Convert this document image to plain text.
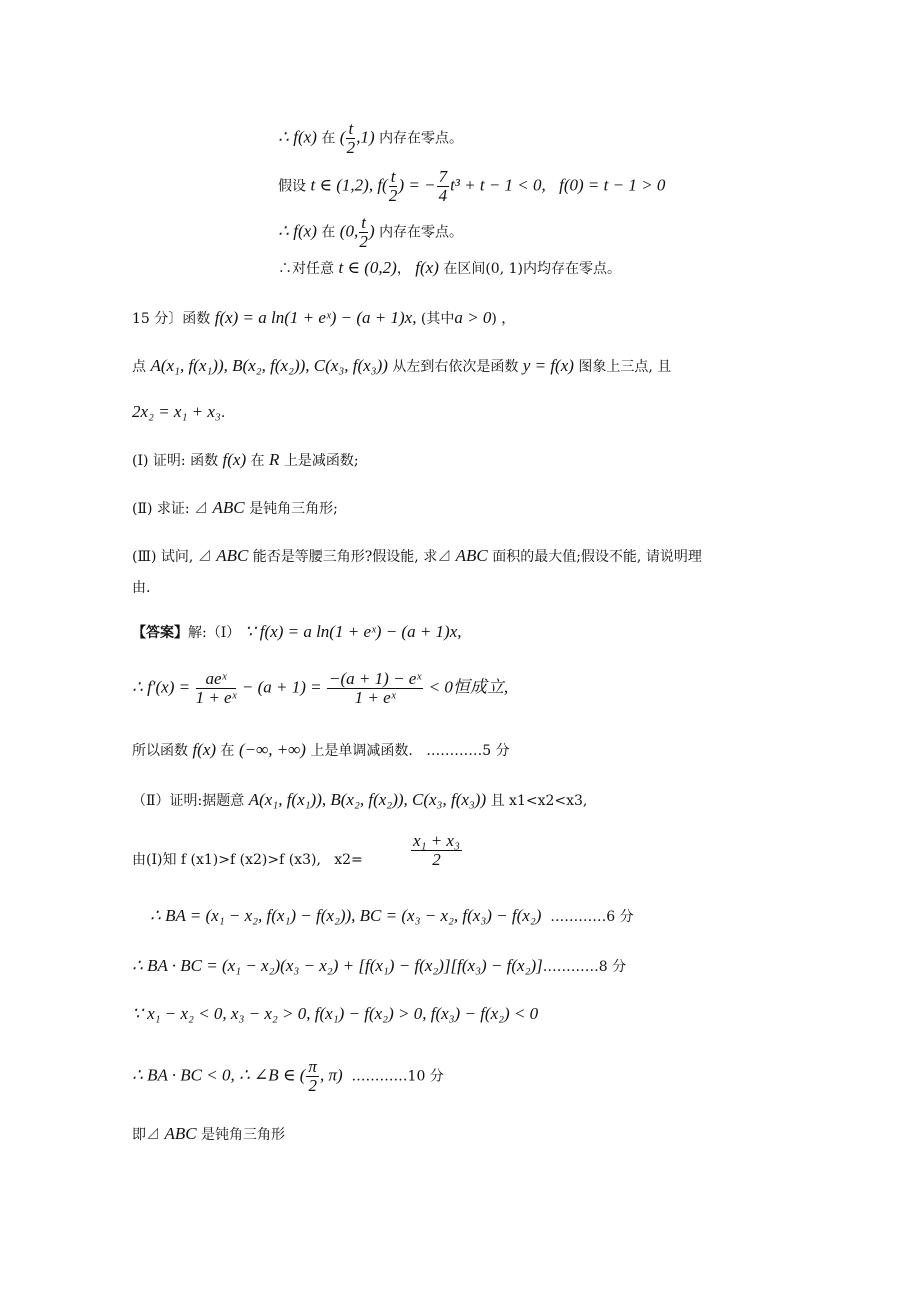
∴ f(x) 在 ( $\frac{t}{2} ,1$) 内存在零点。
假设 t ∈ (1,2), $f( \frac{t}{2}$ ) = − $\frac{7}{4} t^3 + t - 1 < 0$, f(0) = t − 1 > 0
∴ f(x) 在 (0, $\frac{t}{2}$ ) 内存在零点。
∴对任意 t ∈ (0,2)， f(x) 在区间(0, 1)内均存在零点。
15 分〕函数 f(x) = a ln(1 + eˣ) − (a + 1)x, (其中a > 0) ，
点 A(x₁, f(x₁)), B(x₂, f(x₂)), C(x₃, f(x₃)) 从左到右依次是函数 y = f(x) 图象上三点, 且
2x₂ = x₁ + x₃.
(Ⅰ) 证明: 函数 f(x) 在 R 上是减函数;
(Ⅱ) 求证: ⊿ ABC 是钝角三角形;
(Ⅲ) 试问, ⊿ ABC 能否是等腰三角形?假设能, 求⊿ ABC 面积的最大值;假设不能, 请说明理
由.
【答案】解:（Ⅰ） ∵ f(x) = a ln(1 + eˣ) − (a + 1)x,
∴ $f'(x) = \frac{\text{aeˣ}}{\text{1 + eˣ}} - (a + 1) = \frac{\text{−(a + 1) − eˣ}}{\text{1 + eˣ}} < 0$恒成立,
所以函数 f(x) 在 (−∞, +∞) 上是单调减函数. …………5 分
（Ⅱ）证明:据题意 A(x₁, f(x₁)), B(x₂, f(x₂)), C(x₃, f(x₃)) 且 x1<x2<x3,
由(Ⅰ)知 f (x1)>f (x2)>f (x3), x2=	$\frac{\text{x₁ + x₃}}{2}$
∴ BA = (x₁ − x₂, f(x₁) − f(x₂)), BC = (x₃ − x₂, f(x₃) − f(x₂) …………6 分
∴ BA · BC = (x₁ − x₂)(x₃ − x₂) + [f(x₁) − f(x₂)][f(x₃) − f(x₂)]…………8 分
∵ x₁ − x₂ < 0, x₃ − x₂ > 0, f(x₁) − f(x₂) > 0, f(x₃) − f(x₂) < 0
∴ BA · BC < 0, ∴ ∠B ∈ ( $\frac{\pi}{2}$ , π) …………10 分
即⊿ ABC 是钝角三角形
